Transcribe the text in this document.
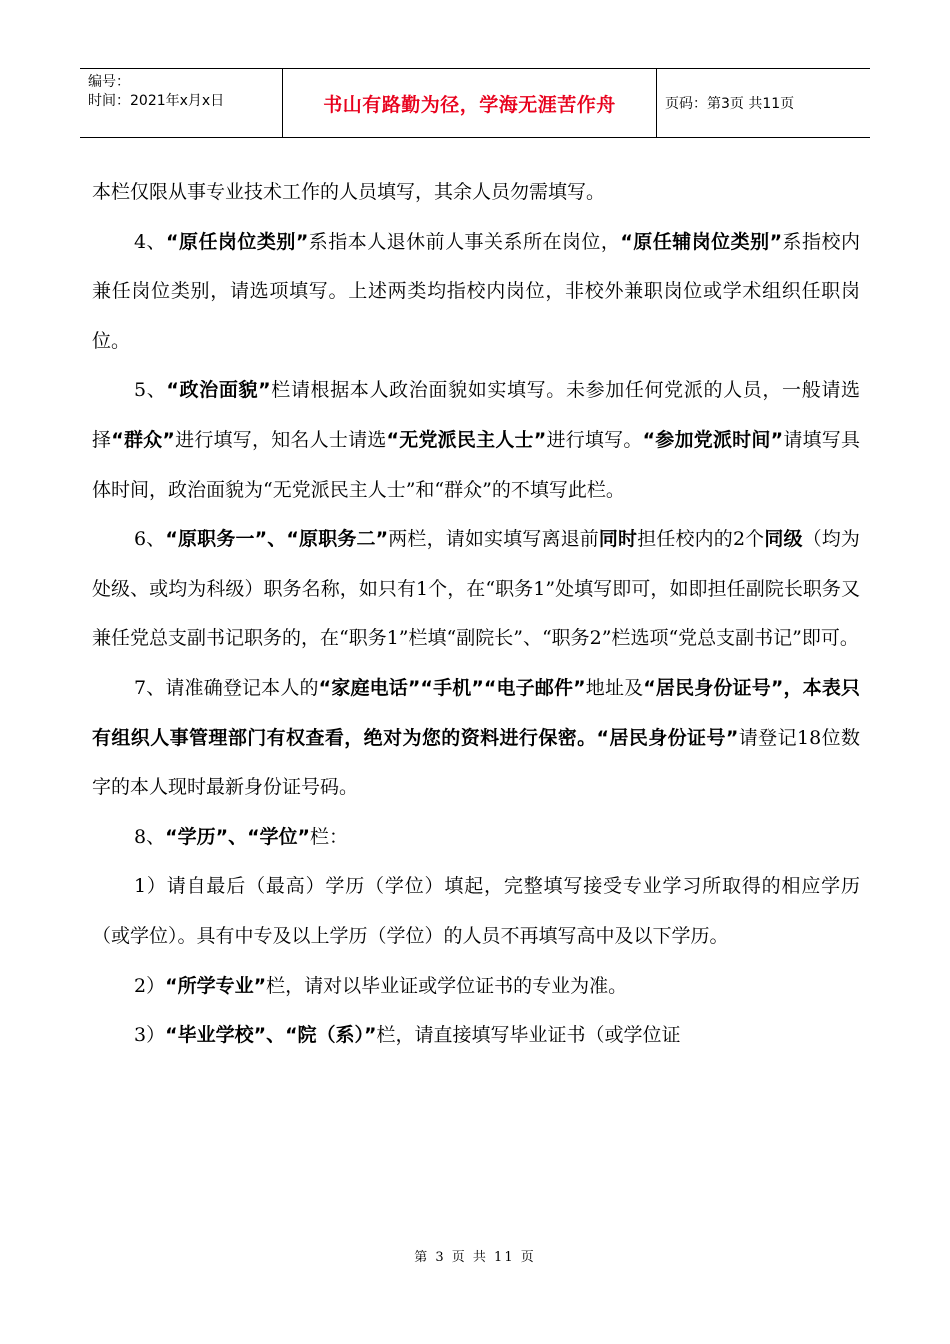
编号：
时间：2021年x月x日	书山有路勤为径，学海无涯苦作舟	页码：第3页 共11页

本栏仅限从事专业技术工作的人员填写，其余人员勿需填写。

4、“原任岗位类别”系指本人退休前人事关系所在岗位，“原任辅岗位类别”系指校内兼任岗位类别，请选项填写。上述两类均指校内岗位，非校外兼职岗位或学术组织任职岗位。

5、“政治面貌”栏请根据本人政治面貌如实填写。未参加任何党派的人员，一般请选择“群众”进行填写，知名人士请选“无党派民主人士”进行填写。“参加党派时间”请填写具体时间，政治面貌为“无党派民主人士”和“群众”的不填写此栏。

6、“原职务一”、“原职务二”两栏，请如实填写离退前同时担任校内的2个同级（均为处级、或均为科级）职务名称，如只有1个，在“职务1”处填写即可，如即担任副院长职务又兼任党总支副书记职务的，在“职务1”栏填“副院长”、“职务2”栏选项“党总支副书记”即可。

7、请准确登记本人的“家庭电话”“手机”“电子邮件”地址及“居民身份证号”，本表只有组织人事管理部门有权查看，绝对为您的资料进行保密。“居民身份证号”请登记18位数字的本人现时最新身份证号码。

8、“学历”、“学位”栏：

1）请自最后（最高）学历（学位）填起，完整填写接受专业学习所取得的相应学历（或学位）。具有中专及以上学历（学位）的人员不再填写高中及以下学历。

2）“所学专业”栏，请对以毕业证或学位证书的专业为准。

3）“毕业学校”、“院（系）”栏，请直接填写毕业证书（或学位证

第 3 页 共 11 页
